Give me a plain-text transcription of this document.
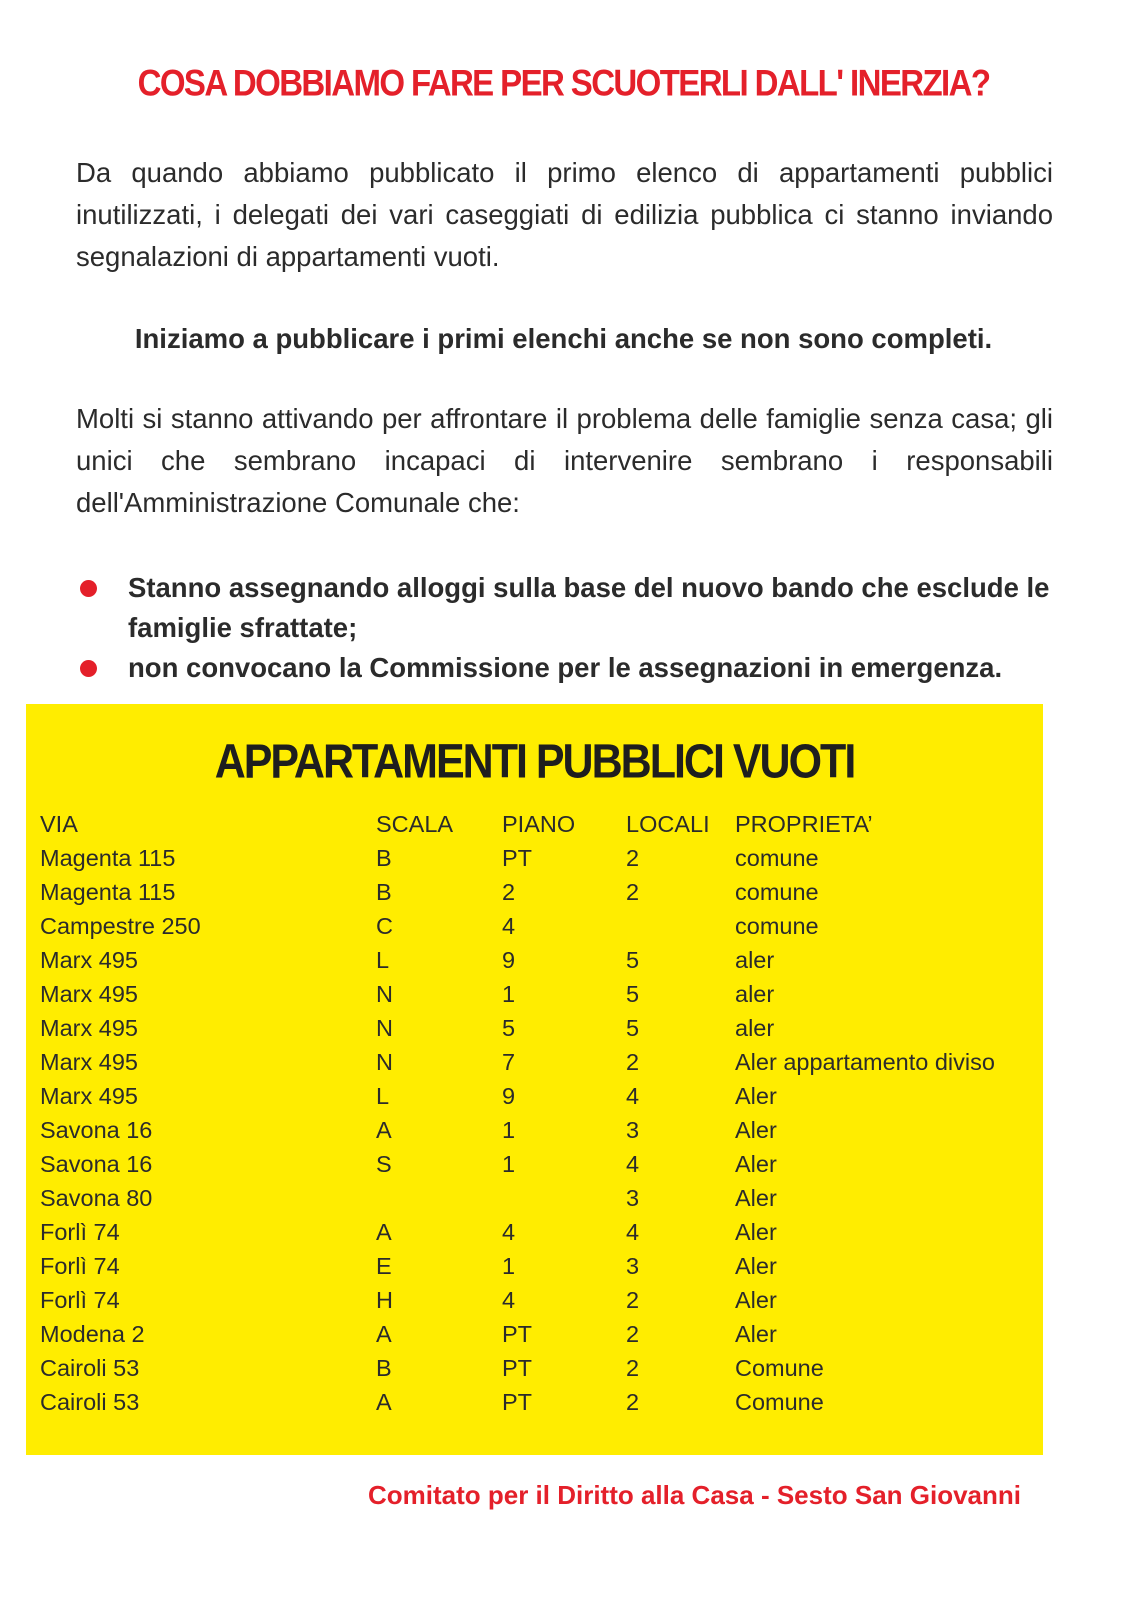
COSA DOBBIAMO FARE PER SCUOTERLI DALL' INERZIA?

Da quando abbiamo pubblicato il primo elenco di appartamenti pubblici inutilizzati, i delegati dei vari caseggiati di edilizia pubblica ci stanno inviando segnalazioni di appartamenti vuoti.

Iniziamo a pubblicare i primi elenchi anche se non sono completi.

Molti si stanno attivando per affrontare il problema delle famiglie senza casa; gli unici che sembrano incapaci di intervenire sembrano i responsabili dell'Amministrazione Comunale che:

Stanno assegnando alloggi sulla base del nuovo bando che esclude le famiglie sfrattate;
non convocano la Commissione per le assegnazioni in emergenza.
APPARTAMENTI PUBBLICI VUOTI
VIA	SCALA	PIANO	LOCALI	PROPRIETA’
Magenta 115	B	PT	2	comune
Magenta 115	B	2	2	comune
Campestre 250	C	4		comune
Marx 495	L	9	5	aler
Marx 495	N	1	5	aler
Marx 495	N	5	5	aler
Marx 495	N	7	2	Aler appartamento diviso
Marx 495	L	9	4	Aler
Savona 16	A	1	3	Aler
Savona 16	S	1	4	Aler
Savona 80			3	Aler
Forlì 74	A	4	4	Aler
Forlì 74	E	1	3	Aler
Forlì 74	H	4	2	Aler
Modena 2	A	PT	2	Aler
Cairoli 53	B	PT	2	Comune
Cairoli 53	A	PT	2	Comune
Comitato per il Diritto alla Casa - Sesto San Giovanni
